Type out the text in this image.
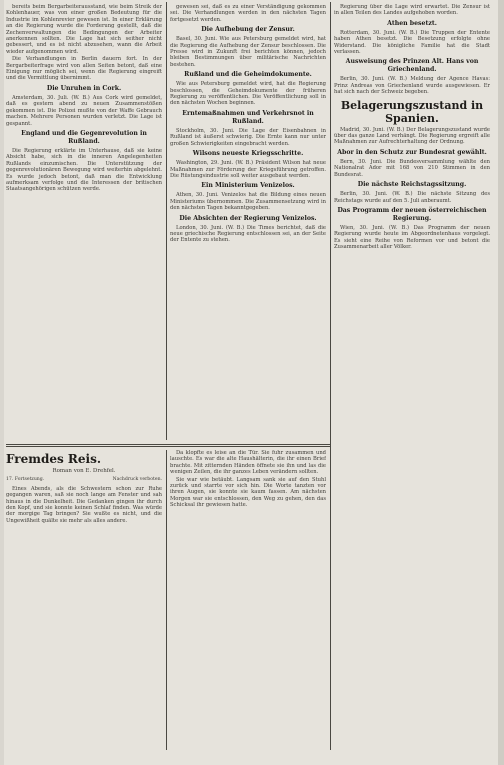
bereits beim Bergarbeiterausstand, wie beim Streik der Kohlenhauer, was von einer großen Bedeutung für die Industrie im Kohlenrevier gewesen ist. In einer Erklärung an die Regierung wurde die Forderung gestellt, daß die Zechenverwaltungen die Bedingungen der Arbeiter anerkennen sollten. Die Lage hat sich seither nicht gebessert, und es ist nicht abzusehen, wann die Arbeit wieder aufgenommen wird.

Die Verhandlungen in Berlin dauern fort. In der Bergarbeiterfrage wird von allen Seiten betont, daß eine Einigung nur möglich sei, wenn die Regierung eingreift und die Vermittlung übernimmt.

Die Unruhen in Cork.

Amsterdam, 30. Juli. (W. B.) Aus Cork wird gemeldet, daß es gestern abend zu neuen Zusammenstößen gekommen ist. Die Polizei mußte von der Waffe Gebrauch machen. Mehrere Personen wurden verletzt. Die Lage ist gespannt.

England und die Gegenrevolution in Rußland.

Die Regierung erklärte im Unterhause, daß sie keine Absicht habe, sich in die inneren Angelegenheiten Rußlands einzumischen. Die Unterstützung der gegenrevolutionären Bewegung wird weiterhin abgelehnt. Es wurde jedoch betont, daß man die Entwicklung aufmerksam verfolge und die Interessen der britischen Staatsangehörigen schützen werde.

gewesen sei, daß es zu einer Verständigung gekommen sei. Die Verhandlungen werden in den nächsten Tagen fortgesetzt werden.

Die Aufhebung der Zensur.

Basel, 30. Juni. Wie aus Petersburg gemeldet wird, hat die Regierung die Aufhebung der Zensur beschlossen. Die Presse wird in Zukunft frei berichten können, jedoch bleiben Bestimmungen über militärische Nachrichten bestehen.

Rußland und die Geheimdokumente.

Wie aus Petersburg gemeldet wird, hat die Regierung beschlossen, die Geheimdokumente der früheren Regierung zu veröffentlichen. Die Veröffentlichung soll in den nächsten Wochen beginnen.

Erntemaßnahmen und Verkehrsnot in Rußland.

Stockholm, 30. Juni. Die Lage der Eisenbahnen in Rußland ist äußerst schwierig. Die Ernte kann nur unter großen Schwierigkeiten eingebracht werden.

Wilsons neueste Kriegsschritte.

Washington, 29. Juni. (W. B.) Präsident Wilson hat neue Maßnahmen zur Förderung der Kriegsführung getroffen. Die Rüstungsindustrie soll weiter ausgebaut werden.

Ein Ministerium Venizelos.

Athen, 30. Juni. Venizelos hat die Bildung eines neuen Ministeriums übernommen. Die Zusammensetzung wird in den nächsten Tagen bekanntgegeben.

Die Absichten der Regierung Venizelos.

London, 30. Juni. (W. B.) Die Times berichtet, daß die neue griechische Regierung entschlossen sei, an der Seite der Entente zu stehen.

Regierung über die Lage wird erwartet. Die Zensur ist in allen Teilen des Landes aufgehoben worden.

Athen besetzt.

Rotterdam, 30. Juni. (W. B.) Die Truppen der Entente haben Athen besetzt. Die Besetzung erfolgte ohne Widerstand. Die königliche Familie hat die Stadt verlassen.

Ausweisung des Prinzen Alt. Hans von Griechenland.

Berlin, 30. Juni. (W. B.) Meldung der Agence Havas: Prinz Andreas von Griechenland wurde ausgewiesen. Er hat sich nach der Schweiz begeben.

Belagerungszustand in Spanien.

Madrid, 30. Juni. (W. B.) Der Belagerungszustand wurde über das ganze Land verhängt. Die Regierung ergreift alle Maßnahmen zur Aufrechterhaltung der Ordnung.

Abor in den Schutz zur Bundesrat gewählt.

Bern, 30. Juni. Die Bundesversammlung wählte den Nationalrat Ador mit 168 von 210 Stimmen in den Bundesrat.

Die nächste Reichstagssitzung.

Berlin, 30. Juni. (W. B.) Die nächste Sitzung des Reichstags wurde auf den 5. Juli anberaumt.

Das Programm der neuen österreichischen Regierung.

Wien, 30. Juni. (W. B.) Das Programm der neuen Regierung wurde heute im Abgeordnetenhaus vorgelegt. Es sieht eine Reihe von Reformen vor und betont die Zusammenarbeit aller Völker.

Fremdes Reis.
Roman von E. Drehfel.
17. Fortsetzung.	Nachdruck verboten.

Eines Abends, als die Schwestern schon zur Ruhe gegangen waren, saß sie noch lange am Fenster und sah hinaus in die Dunkelheit. Die Gedanken gingen ihr durch den Kopf, und sie konnte keinen Schlaf finden. Was würde der morgige Tag bringen? Sie wußte es nicht, und die Ungewißheit quälte sie mehr als alles andere.

Da klopfte es leise an die Tür. Sie fuhr zusammen und lauschte. Es war die alte Haushälterin, die ihr einen Brief brachte. Mit zitternden Händen öffnete sie ihn und las die wenigen Zeilen, die ihr ganzes Leben verändern sollten.

Sie war wie betäubt. Langsam sank sie auf den Stuhl zurück und starrte vor sich hin. Die Worte tanzten vor ihren Augen, sie konnte sie kaum fassen. Am nächsten Morgen war sie entschlossen, den Weg zu gehen, den das Schicksal ihr gewiesen hatte.
